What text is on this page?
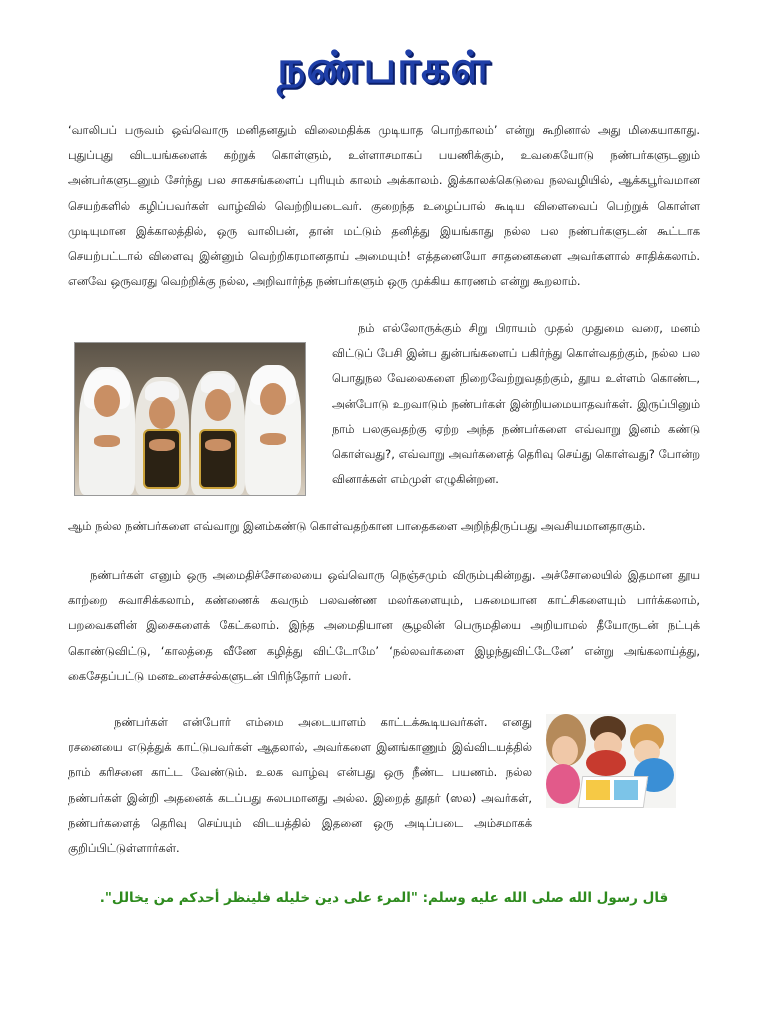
நண்பர்கள்
‘வாலிபப் பருவம் ஒவ்வொரு மனிதனதும் விலைமதிக்க முடியாத பொற்காலம்’ என்று கூறினால் அது மிகையாகாது. புதுப்புது விடயங்களைக் கற்றுக் கொள்ளும், உள்ளாசமாகப் பயணிக்கும், உவகையோடு நண்பர்களுடனும் அன்பர்களுடனும் சேர்ந்து பல சாகசங்களைப் புரியும் காலம் அக்காலம். இக்காலக்கெடுவை நலவழியில், ஆக்கபூர்வமான செயற்களில் கழிப்பவர்கள் வாழ்வில் வெற்றியடைவர். குறைந்த உழைப்பால் கூடிய விளைவைப் பெற்றுக் கொள்ள முடியுமான இக்காலத்தில், ஒரு வாலிபன், தான் மட்டும் தனித்து இயங்காது நல்ல பல நண்பர்களுடன் கூட்டாக செயற்பட்டால் விளைவு இன்னும் வெற்றிகரமானதாய் அமையும்! எத்தனையோ சாதனைகளை அவர்களால் சாதிக்கலாம். எனவே ஒருவரது வெற்றிக்கு நல்ல, அறிவார்ந்த நண்பர்களும் ஒரு முக்கிய காரணம் என்று கூறலாம்.
நம் எல்லோருக்கும் சிறு பிராயம் முதல் முதுமை வரை, மனம் விட்டுப் பேசி இன்ப துன்பங்களைப் பகிர்ந்து கொள்வதற்கும், நல்ல பல பொதுநல வேலைகளை நிறைவேற்றுவதற்கும், தூய உள்ளம் கொண்ட, அன்போடு உறவாடும் நண்பர்கள் இன்றியமையாதவர்கள். இருப்பினும் நாம் பலகுவதற்கு ஏற்ற அந்த நண்பர்களை எவ்வாறு இனம் கண்டு கொள்வது?, எவ்வாறு அவர்களைத் தெரிவு செய்து கொள்வது? போன்ற வினாக்கள் எம்முள் எழுகின்றன.
ஆம் நல்ல நண்பர்களை எவ்வாறு இனம்கண்டு கொள்வதற்கான பாதைகளை அறிந்திருப்பது அவசியமானதாகும்.
நண்பர்கள் எனும் ஒரு அமைதிச்சோலையை ஒவ்வொரு நெஞ்சமும் விரும்புகின்றது. அச்சோலையில் இதமான தூய காற்றை சுவாசிக்கலாம், கண்ணைக் கவரும் பலவண்ண மலர்களையும், பசுமையான காட்சிகளையும் பார்க்கலாம், பறவைகளின் இசைகளைக் கேட்கலாம். இந்த அமைதியான சூழலின் பெருமதியை அறியாமல் தீயோருடன் நட்புக் கொண்டுவிட்டு, ‘காலத்தை வீணே கழித்து விட்டோமே’ ‘நல்லவர்களை இழந்துவிட்டேனே’ என்று அங்கலாய்த்து, கைசேதப்பட்டு மனஉளைச்சல்களுடன் பிரிந்தோர் பலர்.
நண்பர்கள் என்போர் எம்மை அடையாளம் காட்டக்கூடியவர்கள். எனது ரசனையை எடுத்துக் காட்டுபவர்கள் ஆதலால், அவர்களை இனங்காணும் இவ்விடயத்தில் நாம் கரிசனை காட்ட வேண்டும். உலக வாழ்வு என்பது ஒரு நீண்ட பயணம். நல்ல நண்பர்கள் இன்றி அதனைக் கடப்பது சுலபமானது அல்ல. இறைத் தூதர் (ஸல) அவர்கள், நண்பர்களைத் தெரிவு செய்யும் விடயத்தில் இதனை ஒரு அடிப்படை அம்சமாகக் குறிப்பிட்டுள்ளார்கள்.
قال رسول الله صلى الله عليه وسلم: "المرء على دين خليله فلينظر أحدكم من يخالل".
